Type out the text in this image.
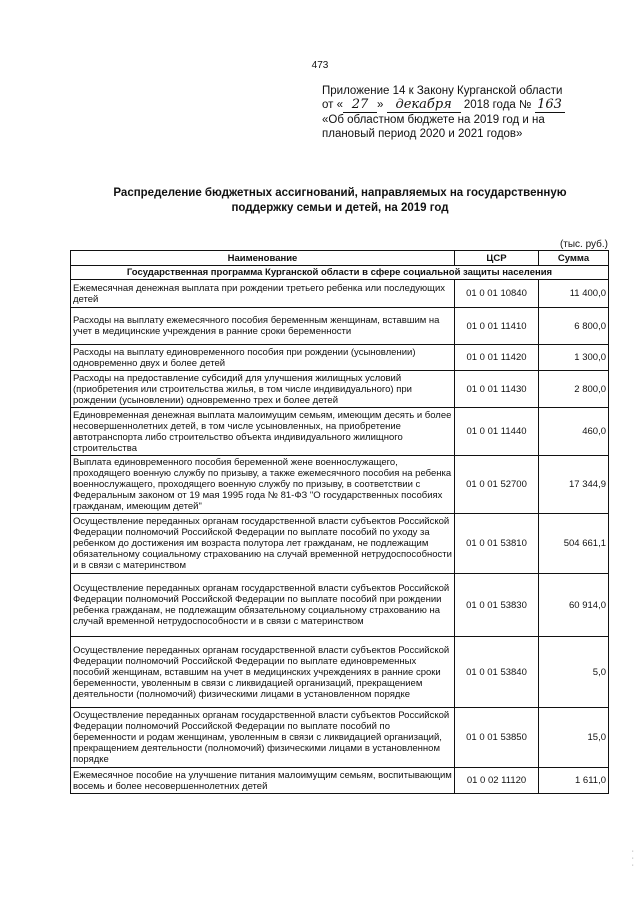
473
Приложение 14 к Закону Курганской области
от « 27 » декабря 2018 года № 163
«Об областном бюджете на 2019 год и на
плановый период 2020 и 2021 годов»
Распределение бюджетных ассигнований, направляемых на государственную
поддержку семьи и детей, на 2019 год
(тыс. руб.)
Наименование	ЦСР	Сумма
Государственная программа Курганской области в сфере социальной защиты населения		
Ежемесячная денежная выплата при рождении третьего ребенка или последующих детей	01 0 01 10840	11 400,0
Расходы на выплату ежемесячного пособия беременным женщинам, вставшим на учет в медицинские учреждения в ранние сроки беременности	01 0 01 11410	6 800,0
Расходы на выплату единовременного пособия при рождении (усыновлении) одновременно двух и более детей	01 0 01 11420	1 300,0
Расходы на предоставление субсидий для улучшения жилищных условий (приобретения или строительства жилья, в том числе индивидуального) при рождении (усыновлении) одновременно трех и более детей	01 0 01 11430	2 800,0
Единовременная денежная выплата малоимущим семьям, имеющим десять и более несовершеннолетних детей, в том числе усыновленных, на приобретение автотранспорта либо строительство объекта индивидуального жилищного строительства	01 0 01 11440	460,0
Выплата единовременного пособия беременной жене военнослужащего, проходящего военную службу по призыву, а также ежемесячного пособия на ребенка военнослужащего, проходящего военную службу по призыву, в соответствии с Федеральным законом от 19 мая 1995 года № 81-ФЗ "О государственных пособиях гражданам, имеющим детей"	01 0 01 52700	17 344,9
Осуществление переданных органам государственной власти субъектов Российской Федерации полномочий Российской Федерации по выплате пособий по уходу за ребенком до достижения им возраста полутора лет гражданам, не подлежащим обязательному социальному страхованию на случай временной нетрудоспособности и в связи с материнством	01 0 01 53810	504 661,1
Осуществление переданных органам государственной власти субъектов Российской Федерации полномочий Российской Федерации по выплате пособий при рождении ребенка гражданам, не подлежащим обязательному социальному страхованию на случай временной нетрудоспособности и в связи с материнством	01 0 01 53830	60 914,0
Осуществление переданных органам государственной власти субъектов Российской Федерации полномочий Российской Федерации по выплате единовременных пособий женщинам, вставшим на учет в медицинских учреждениях в ранние сроки беременности, уволенным в связи с ликвидацией организаций, прекращением деятельности (полномочий) физическими лицами в установленном порядке	01 0 01 53840	5,0
Осуществление переданных органам государственной власти субъектов Российской Федерации полномочий Российской Федерации по выплате пособий по беременности и родам женщинам, уволенным в связи с ликвидацией организаций, прекращением деятельности (полномочий) физическими лицами в установленном порядке	01 0 01 53850	15,0
Ежемесячное пособие на улучшение питания малоимущим семьям, воспитывающим восемь и более несовершеннолетних детей	01 0 02 11120	1 611,0
·
·
·
